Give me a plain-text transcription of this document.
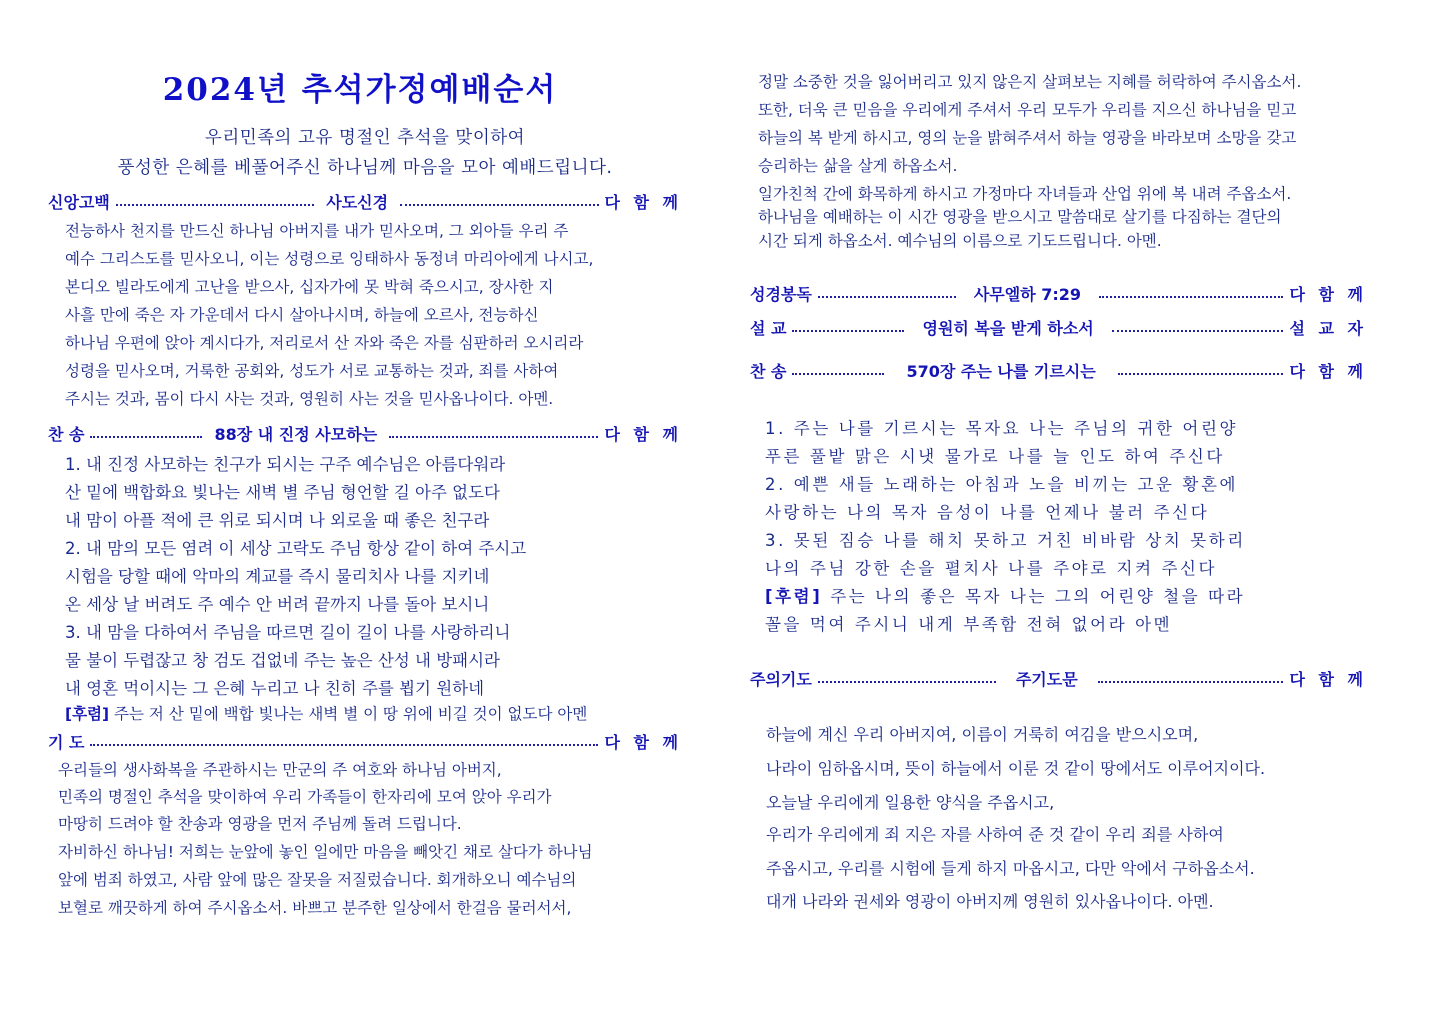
2024년 추석가정예배순서
우리민족의 고유 명절인 추석을 맞이하여
풍성한 은혜를 베풀어주신 하나님께 마음을 모아 예배드립니다.
신앙고백	사도신경	다 함 께
전능하사 천지를 만드신 하나님 아버지를 내가 믿사오며, 그 외아들 우리 주
예수 그리스도를 믿사오니, 이는 성령으로 잉태하사 동정녀 마리아에게 나시고,
본디오 빌라도에게 고난을 받으사, 십자가에 못 박혀 죽으시고, 장사한 지
사흘 만에 죽은 자 가운데서 다시 살아나시며, 하늘에 오르사, 전능하신
하나님 우편에 앉아 계시다가, 저리로서 산 자와 죽은 자를 심판하러 오시리라
성령을 믿사오며, 거룩한 공회와, 성도가 서로 교통하는 것과, 죄를 사하여
주시는 것과, 몸이 다시 사는 것과, 영원히 사는 것을 믿사옵나이다. 아멘.
찬 송	88장 내 진정 사모하는	다 함 께
1. 내 진정 사모하는 친구가 되시는 구주 예수님은 아름다워라
산 밑에 백합화요 빛나는 새벽 별 주님 형언할 길 아주 없도다
내 맘이 아플 적에 큰 위로 되시며 나 외로울 때 좋은 친구라
2. 내 맘의 모든 염려 이 세상 고락도 주님 항상 같이 하여 주시고
시험을 당할 때에 악마의 계교를 즉시 물리치사 나를 지키네
온 세상 날 버려도 주 예수 안 버려 끝까지 나를 돌아 보시니
3. 내 맘을 다하여서 주님을 따르면 길이 길이 나를 사랑하리니
물 불이 두렵잖고 창 검도 겁없네 주는 높은 산성 내 방패시라
내 영혼 먹이시는 그 은혜 누리고 나 친히 주를 뵙기 원하네
[후렴] 주는 저 산 밑에 백합 빛나는 새벽 별 이 땅 위에 비길 것이 없도다 아멘
기 도	다 함 께
우리들의 생사화복을 주관하시는 만군의 주 여호와 하나님 아버지,
민족의 명절인 추석을 맞이하여 우리 가족들이 한자리에 모여 앉아 우리가
마땅히 드려야 할 찬송과 영광을 먼저 주님께 돌려 드립니다.
자비하신 하나님! 저희는 눈앞에 놓인 일에만 마음을 빼앗긴 채로 살다가 하나님
앞에 범죄 하였고, 사람 앞에 많은 잘못을 저질렀습니다. 회개하오니 예수님의
보혈로 깨끗하게 하여 주시옵소서. 바쁘고 분주한 일상에서 한걸음 물러서서,
정말 소중한 것을 잃어버리고 있지 않은지 살펴보는 지혜를 허락하여 주시옵소서.
또한, 더욱 큰 믿음을 우리에게 주셔서 우리 모두가 우리를 지으신 하나님을 믿고
하늘의 복 받게 하시고, 영의 눈을 밝혀주셔서 하늘 영광을 바라보며 소망을 갖고
승리하는 삶을 살게 하옵소서.
일가친척 간에 화목하게 하시고 가정마다 자녀들과 산업 위에 복 내려 주옵소서.
하나님을 예배하는 이 시간 영광을 받으시고 말씀대로 살기를 다짐하는 결단의
시간 되게 하옵소서. 예수님의 이름으로 기도드립니다. 아멘.
성경봉독	사무엘하 7:29	다 함 께
설 교	영원히 복을 받게 하소서	설 교 자
찬 송	570장 주는 나를 기르시는	다 함 께
1. 주는 나를 기르시는 목자요 나는 주님의 귀한 어린양
푸른 풀밭 맑은 시냇 물가로 나를 늘 인도 하여 주신다
2. 예쁜 새들 노래하는 아침과 노을 비끼는 고운 황혼에
사랑하는 나의 목자 음성이 나를 언제나 불러 주신다
3. 못된 짐승 나를 해치 못하고 거친 비바람 상치 못하리
나의 주님 강한 손을 펼치사 나를 주야로 지켜 주신다
[후렴] 주는 나의 좋은 목자 나는 그의 어린양 철을 따라
꼴을 먹여 주시니 내게 부족함 전혀 없어라 아멘
주의기도	주기도문	다 함 께
하늘에 계신 우리 아버지여, 이름이 거룩히 여김을 받으시오며,
나라이 임하옵시며, 뜻이 하늘에서 이룬 것 같이 땅에서도 이루어지이다.
오늘날 우리에게 일용한 양식을 주옵시고,
우리가 우리에게 죄 지은 자를 사하여 준 것 같이 우리 죄를 사하여
주옵시고, 우리를 시험에 들게 하지 마옵시고, 다만 악에서 구하옵소서.
대개 나라와 권세와 영광이 아버지께 영원히 있사옵나이다. 아멘.
